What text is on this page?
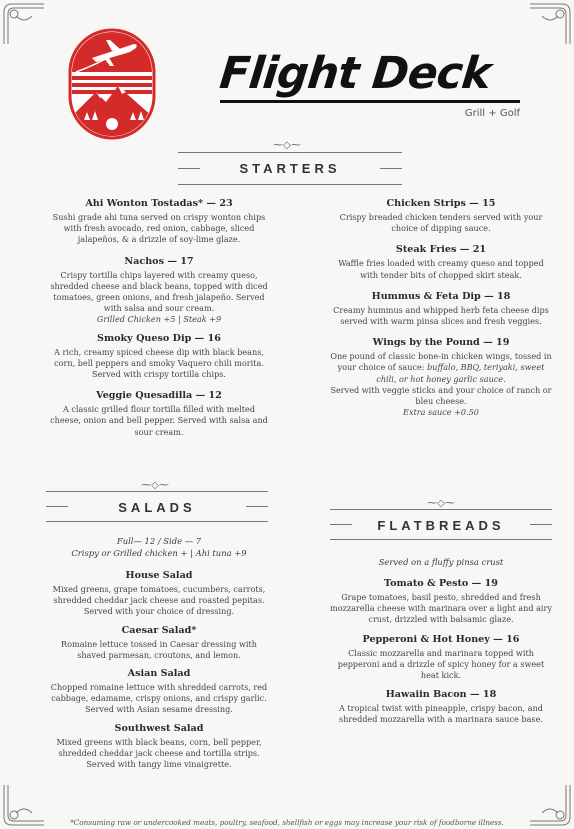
Flight Deck
Grill + Golf
⁓◇⁓
STARTERS
Ahi Wonton Tostadas* — 23

Sushi grade ahi tuna served on crispy wonton chips with fresh avocado, red onion, cabbage, sliced jalapeños, & a drizzle of soy-lime glaze.

Nachos — 17

Crispy tortilla chips layered with creamy queso, shredded cheese and black beans, topped with diced tomatoes, green onions, and fresh jalapeño. Served with salsa and sour cream.

Grilled Chicken +5 | Steak +9

Smoky Queso Dip — 16

A rich, creamy spiced cheese dip with black beans, corn, bell peppers and smoky Vaquero chili morita. Served with crispy tortilla chips.

Veggie Quesadilla — 12

A classic grilled flour tortilla filled with melted cheese, onion and bell pepper. Served with salsa and sour cream.

Chicken Strips — 15

Crispy breaded chicken tenders served with your choice of dipping sauce.

Steak Fries — 21

Waffle fries loaded with creamy queso and topped with tender bits of chopped skirt steak.

Hummus & Feta Dip — 18

Creamy hummus and whipped herb feta cheese dips served with warm pinsa slices and fresh veggies.

Wings by the Pound — 19

One pound of classic bone-in chicken wings, tossed in your choice of sauce: buffalo, BBQ, teriyaki, sweet chili, or hot honey garlic sauce.

Served with veggie sticks and your choice of ranch or bleu cheese.

Extra sauce +0.50

⁓◇⁓
SALADS

Full— 12 / Side — 7

Crispy or Grilled chicken + | Ahi tuna +9

House Salad

Mixed greens, grape tomatoes, cucumbers, carrots, shredded cheddar jack cheese and roasted pepitas. Served with your choice of dressing.

Caesar Salad*

Romaine lettuce tossed in Caesar dressing with shaved parmesan, croutons, and lemon.

Asian Salad

Chopped romaine lettuce with shredded carrots, red cabbage, edamame, crispy onions, and crispy garlic. Served with Asian sesame dressing.

Southwest Salad

Mixed greens with black beans, corn, bell pepper, shredded cheddar jack cheese and tortilla strips. Served with tangy lime vinaigrette.

⁓◇⁓
FLATBREADS

Served on a fluffy pinsa crust

Tomato & Pesto — 19

Grape tomatoes, basil pesto, shredded and fresh mozzarella cheese with marinara over a light and airy crust, drizzled with balsamic glaze.

Pepperoni & Hot Honey — 16

Classic mozzarella and marinara topped with pepperoni and a drizzle of spicy honey for a sweet heat kick.

Hawaiin Bacon — 18

A tropical twist with pineapple, crispy bacon, and shredded mozzarella with a marinara sauce base.

*Consuming raw or undercooked meats, poultry, seafood, shellfish or eggs may increase your risk of foodborne illness.
